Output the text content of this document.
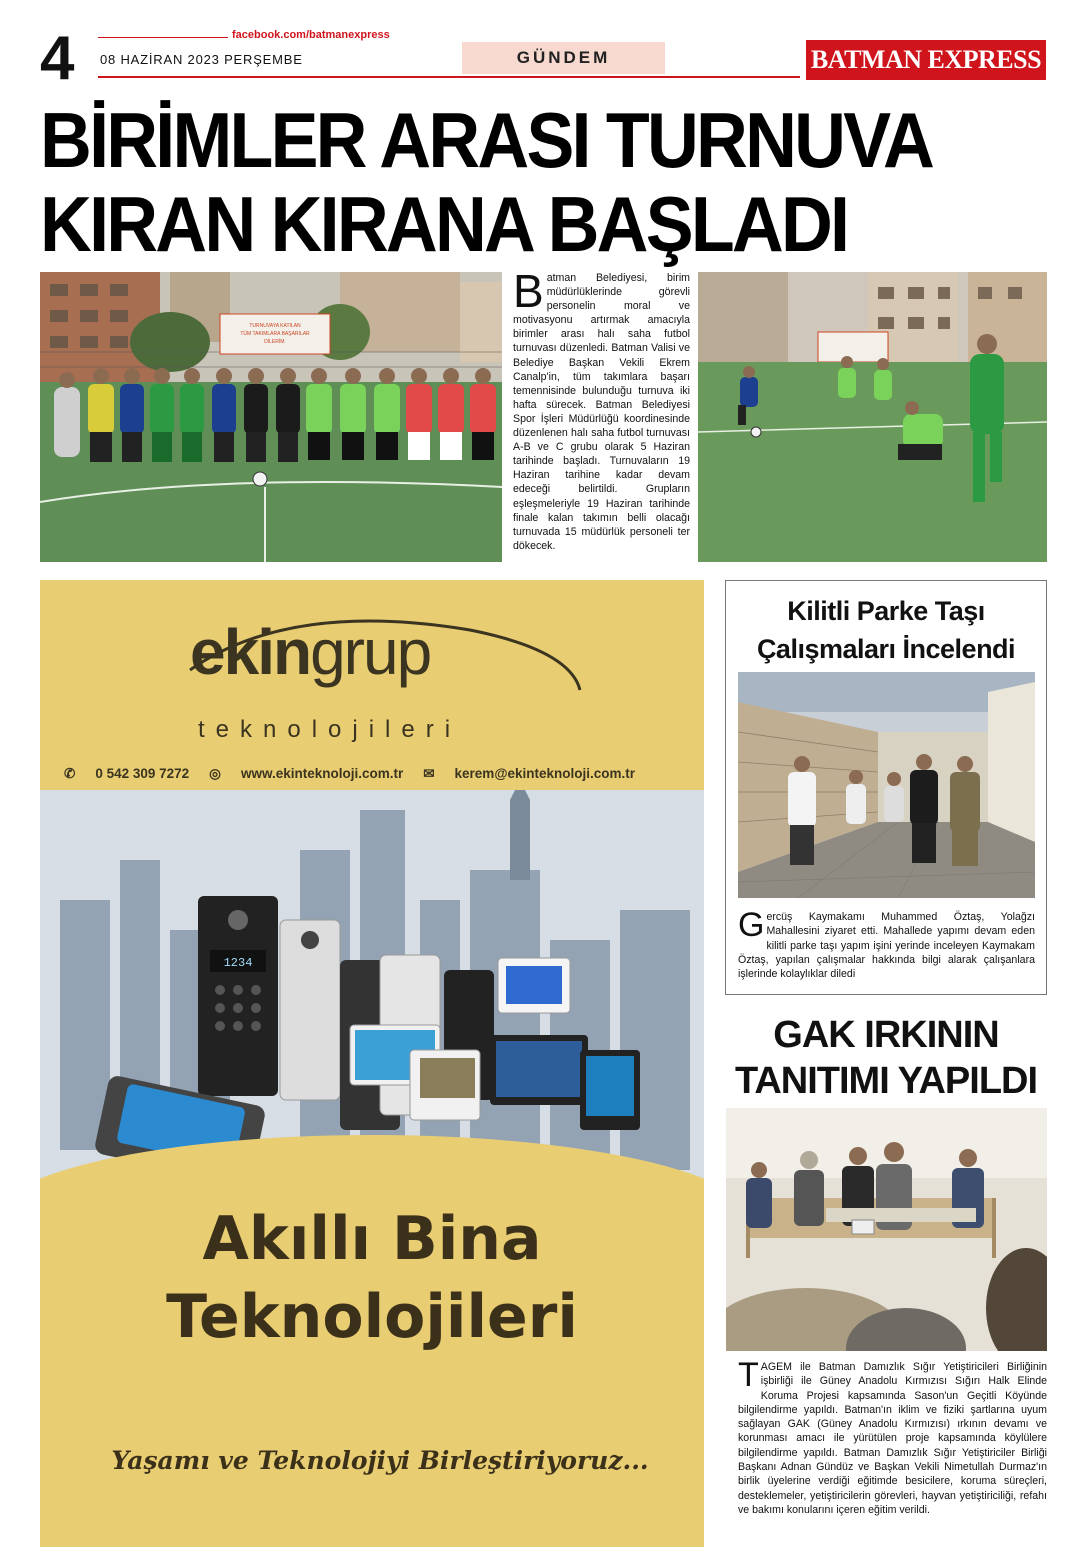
4	facebook.com/batmanexpress
08 HAZİRAN 2023 PERŞEMBE	GÜNDEM	BATMAN EXPRESS
BİRİMLER ARASI TURNUVA
KIRAN KIRANA BAŞLADI
TURNUVAYA KATILAN
TÜM TAKIMLARA BAŞARILAR
DİLERİM.
B atman Belediyesi, birim müdürlüklerinde görevli personelin moral ve motivasyonu artırmak amacıyla birimler arası halı saha futbol turnuvası düzenledi. Batman Valisi ve Belediye Başkan Vekili Ekrem Canalp'in, tüm takımlara başarı temennisinde bulunduğu turnuva iki hafta sürecek. Batman Belediyesi Spor İşleri Müdürlüğü koordinesinde düzenlenen halı saha futbol turnuvası A-B ve C grubu olarak 5 Haziran tarihinde başladı. Turnuvaların 19 Haziran tarihine kadar devam edeceği belirtildi. Grupların eşleşmeleriyle 19 Haziran tarihinde finale kalan takımın belli olacağı turnuvada 15 müdürlük personeli ter dökecek.
ekingrup
teknolojileri
✆ 0 542 309 7272 ◎ www.ekinteknoloji.com.tr ✉ kerem@ekinteknoloji.com.tr
1234
Akıllı Bina
Teknolojileri
Yaşamı ve Teknolojiyi Birleştiriyoruz...
Kilitli Parke Taşı
Çalışmaları İncelendi
G ercüş Kaymakamı Muhammed Öztaş, Yolağzı Mahallesini ziyaret etti. Mahallede yapımı devam eden kilitli parke taşı yapım işini yerinde inceleyen Kaymakam Öztaş, yapılan çalışmalar hakkında bilgi alarak çalışanlara işlerinde kolaylıklar diledi
GAK IRKININ
TANITIMI YAPILDI
T AGEM ile Batman Damızlık Sığır Yetiştiricileri Birliğinin işbirliği ile Güney Anadolu Kırmızısı Sığırı Halk Elinde Koruma Projesi kapsamında Sason'un Geçitli Köyünde bilgilendirme yapıldı. Batman'ın iklim ve fiziki şartlarına uyum sağlayan GAK (Güney Anadolu Kırmızısı) ırkının devamı ve korunması amacı ile yürütülen proje kapsamında köylülere bilgilendirme yapıldı. Batman Damızlık Sığır Yetiştiriciler Birliği Başkanı Adnan Gündüz ve Başkan Vekili Nimetullah Durmaz'ın birlik üyelerine verdiği eğitimde besicilere, koruma süreçleri, desteklemeler, yetiştiricilerin görevleri, hayvan yetiştiriciliği, refahı ve bakımı konularını içeren eğitim verildi.
